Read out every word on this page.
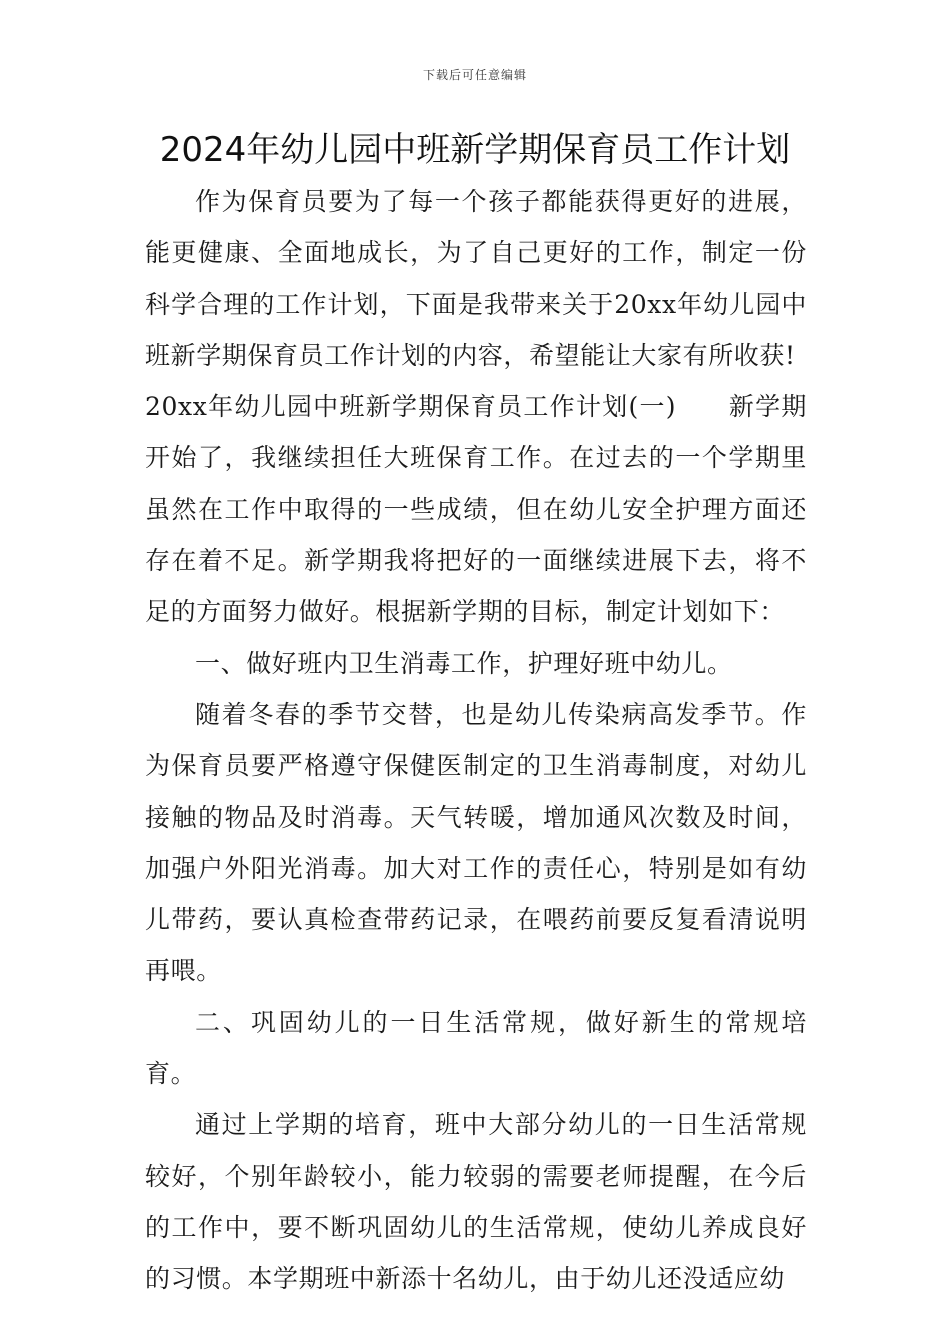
下载后可任意编辑
2024年幼儿园中班新学期保育员工作计划

作为保育员要为了每一个孩子都能获得更好的进展，能更健康、全面地成长，为了自己更好的工作，制定一份科学合理的工作计划，下面是我带来关于20xx年幼儿园中班新学期保育员工作计划的内容，希望能让大家有所收获!

20xx年幼儿园中班新学期保育员工作计划(一) 新学期开始了，我继续担任大班保育工作。在过去的一个学期里虽然在工作中取得的一些成绩，但在幼儿安全护理方面还存在着不足。新学期我将把好的一面继续进展下去，将不足的方面努力做好。根据新学期的目标，制定计划如下：

一、做好班内卫生消毒工作，护理好班中幼儿。

随着冬春的季节交替，也是幼儿传染病高发季节。作为保育员要严格遵守保健医制定的卫生消毒制度，对幼儿接触的物品及时消毒。天气转暖，增加通风次数及时间，加强户外阳光消毒。加大对工作的责任心，特别是如有幼儿带药，要认真检查带药记录，在喂药前要反复看清说明再喂。

二、巩固幼儿的一日生活常规，做好新生的常规培育。

通过上学期的培育，班中大部分幼儿的一日生活常规较好，个别年龄较小，能力较弱的需要老师提醒，在今后的工作中，要不断巩固幼儿的生活常规，使幼儿养成良好的习惯。本学期班中新添十名幼儿，由于幼儿还没适应幼
